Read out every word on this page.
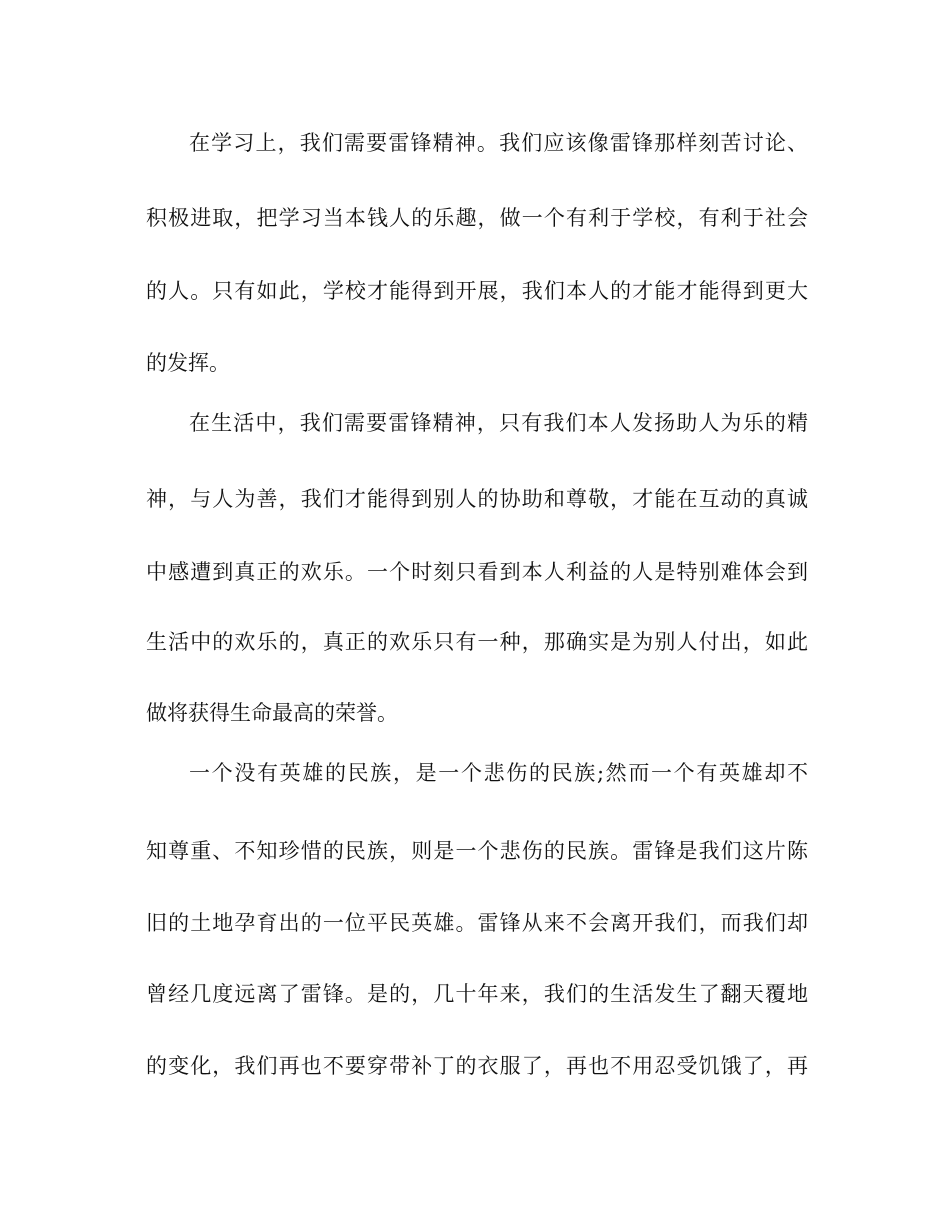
在学习上，我们需要雷锋精神。我们应该像雷锋那样刻苦讨论、
积极进取，把学习当本钱人的乐趣，做一个有利于学校，有利于社会
的人。只有如此，学校才能得到开展，我们本人的才能才能得到更大
的发挥。
在生活中，我们需要雷锋精神，只有我们本人发扬助人为乐的精
神，与人为善，我们才能得到别人的协助和尊敬，才能在互动的真诚
中感遭到真正的欢乐。一个时刻只看到本人利益的人是特别难体会到
生活中的欢乐的，真正的欢乐只有一种，那确实是为别人付出，如此
做将获得生命最高的荣誉。
一个没有英雄的民族，是一个悲伤的民族;然而一个有英雄却不
知尊重、不知珍惜的民族，则是一个悲伤的民族。雷锋是我们这片陈
旧的土地孕育出的一位平民英雄。雷锋从来不会离开我们，而我们却
曾经几度远离了雷锋。是的，几十年来，我们的生活发生了翻天覆地
的变化，我们再也不要穿带补丁的衣服了，再也不用忍受饥饿了，再
